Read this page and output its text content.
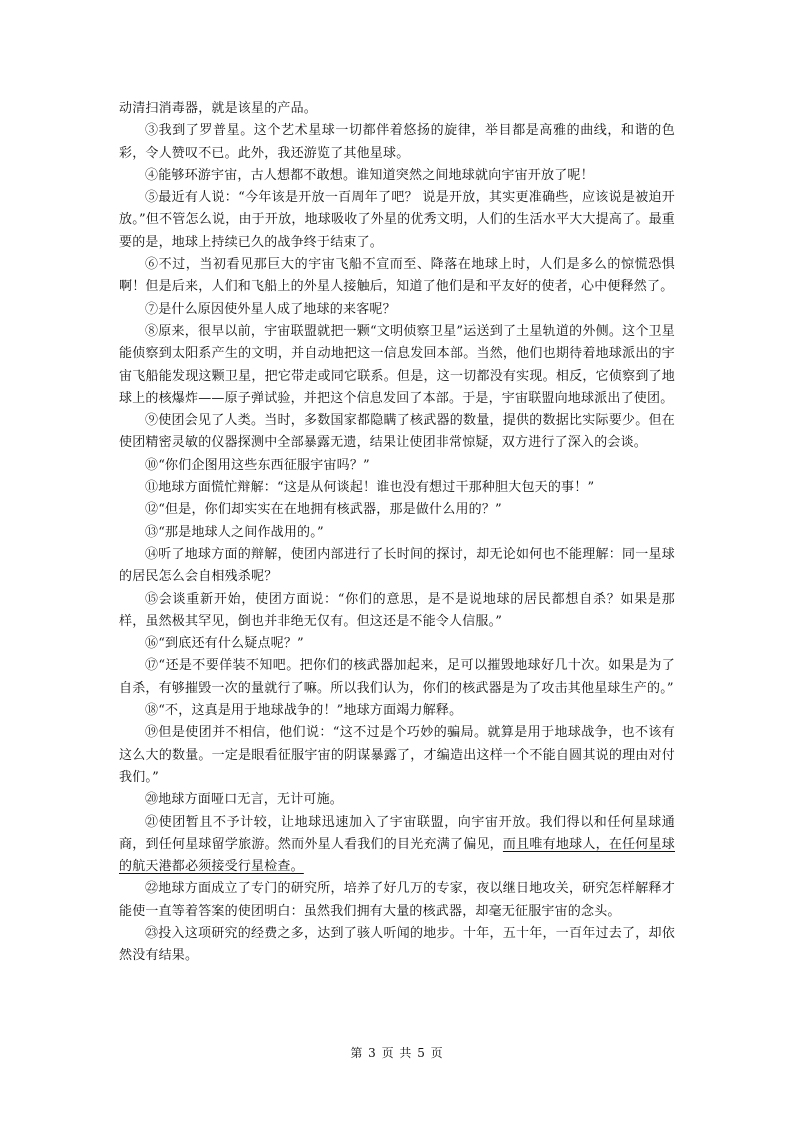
动清扫消毒器，就是该星的产品。

③我到了罗普星。这个艺术星球一切都伴着悠扬的旋律，举目都是高雅的曲线，和谐的色彩，令人赞叹不已。此外，我还游览了其他星球。

④能够环游宇宙，古人想都不敢想。谁知道突然之间地球就向宇宙开放了呢！

⑤最近有人说：“今年该是开放一百周年了吧？ 说是开放，其实更准确些，应该说是被迫开放。”但不管怎么说，由于开放，地球吸收了外星的优秀文明，人们的生活水平大大提高了。最重要的是，地球上持续已久的战争终于结束了。

⑥不过，当初看见那巨大的宇宙飞船不宣而至、降落在地球上时，人们是多么的惊慌恐惧啊！但是后来，人们和飞船上的外星人接触后，知道了他们是和平友好的使者，心中便释然了。

⑦是什么原因使外星人成了地球的来客呢？

⑧原来，很早以前，宇宙联盟就把一颗“文明侦察卫星”运送到了土星轨道的外侧。这个卫星能侦察到太阳系产生的文明，并自动地把这一信息发回本部。当然，他们也期待着地球派出的宇宙飞船能发现这颗卫星，把它带走或同它联系。但是，这一切都没有实现。相反，它侦察到了地球上的核爆炸——原子弹试验，并把这个信息发回了本部。于是，宇宙联盟向地球派出了使团。

⑨使团会见了人类。当时，多数国家都隐瞒了核武器的数量，提供的数据比实际要少。但在使团精密灵敏的仪器探测中全部暴露无遗，结果让使团非常惊疑，双方进行了深入的会谈。

⑩“你们企图用这些东西征服宇宙吗？”

⑪地球方面慌忙辩解：“这是从何谈起！谁也没有想过干那种胆大包天的事！”

⑫“但是，你们却实实在在地拥有核武器，那是做什么用的？”

⑬“那是地球人之间作战用的。”

⑭听了地球方面的辩解，使团内部进行了长时间的探讨，却无论如何也不能理解：同一星球的居民怎么会自相残杀呢？

⑮会谈重新开始，使团方面说：“你们的意思，是不是说地球的居民都想自杀？如果是那样，虽然极其罕见，倒也并非绝无仅有。但这还是不能令人信服。”

⑯“到底还有什么疑点呢？”

⑰“还是不要佯装不知吧。把你们的核武器加起来，足可以摧毁地球好几十次。如果是为了自杀，有够摧毁一次的量就行了嘛。所以我们认为，你们的核武器是为了攻击其他星球生产的。”

⑱“不，这真是用于地球战争的！”地球方面竭力解释。

⑲但是使团并不相信，他们说：“这不过是个巧妙的骗局。就算是用于地球战争，也不该有这么大的数量。一定是眼看征服宇宙的阴谋暴露了，才编造出这样一个不能自圆其说的理由对付我们。”

⑳地球方面哑口无言，无计可施。

㉑使团暂且不予计较，让地球迅速加入了宇宙联盟，向宇宙开放。我们得以和任何星球通商，到任何星球留学旅游。然而外星人看我们的目光充满了偏见，而且唯有地球人，在任何星球的航天港都必须接受行星检查。

㉒地球方面成立了专门的研究所，培养了好几万的专家，夜以继日地攻关，研究怎样解释才能使一直等着答案的使团明白：虽然我们拥有大量的核武器，却毫无征服宇宙的念头。

㉓投入这项研究的经费之多，达到了骇人听闻的地步。十年，五十年，一百年过去了，却依然没有结果。

第 3 页 共 5 页
